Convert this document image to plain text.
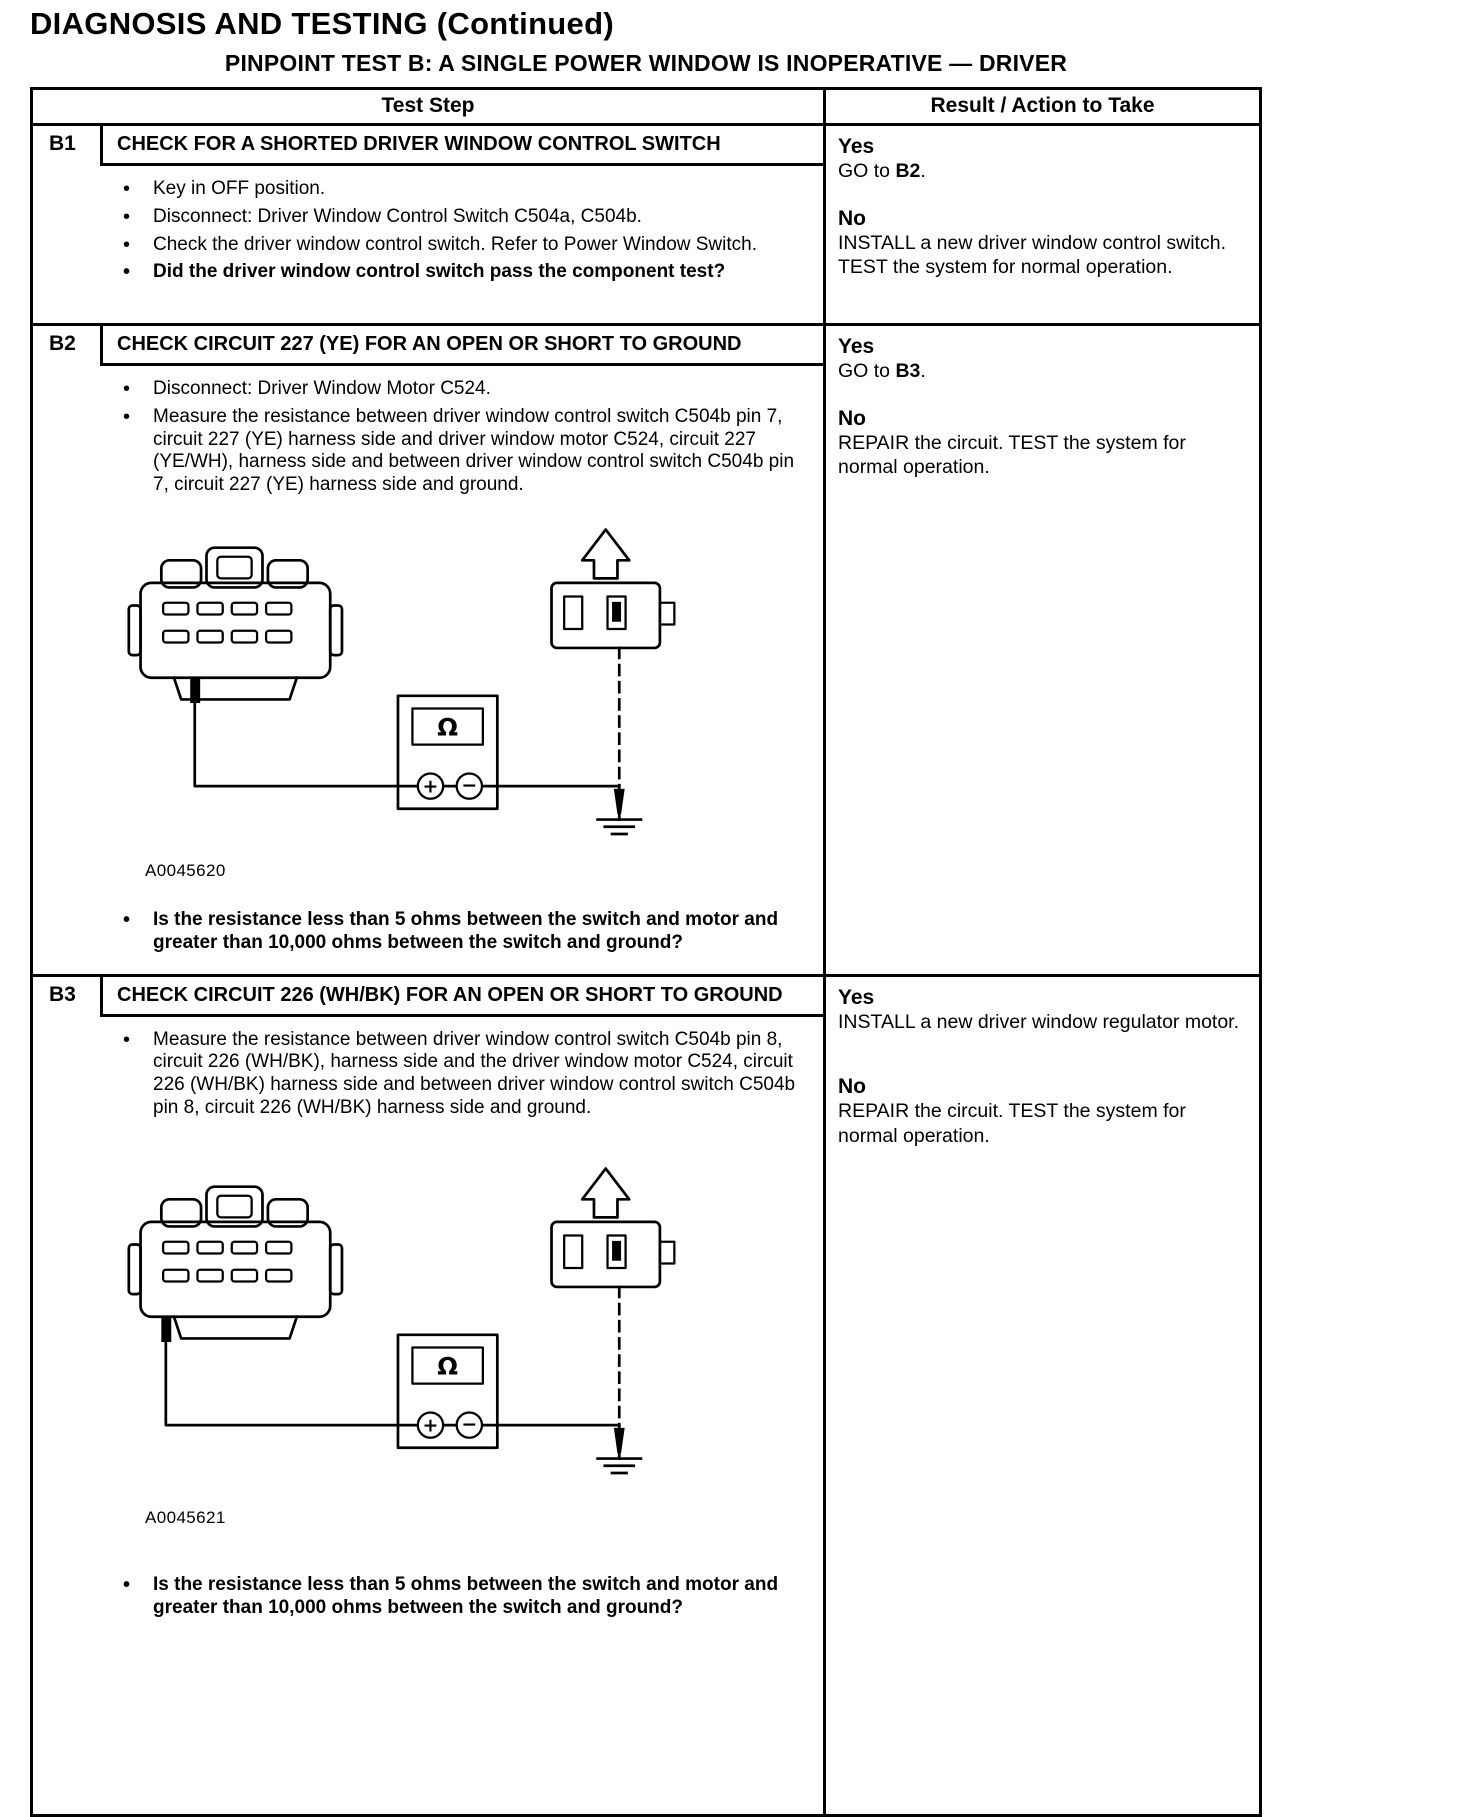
DIAGNOSIS AND TESTING (Continued)
PINPOINT TEST B: A SINGLE POWER WINDOW IS INOPERATIVE — DRIVER
Test Step	Result / Action to Take
B1	CHECK FOR A SHORTED DRIVER WINDOW CONTROL SWITCH
• Key in OFF position.
• Disconnect: Driver Window Control Switch C504a, C504b.
• Check the driver window control switch. Refer to Power Window Switch.
• Did the driver window control switch pass the component test?
Yes
GO to B2.
No
INSTALL a new driver window control switch. TEST the system for normal operation.
B2	CHECK CIRCUIT 227 (YE) FOR AN OPEN OR SHORT TO GROUND
• Disconnect: Driver Window Motor C524.
• Measure the resistance between driver window control switch C504b pin 7, circuit 227 (YE) harness side and driver window motor C524, circuit 227 (YE/WH), harness side and between driver window control switch C504b pin 7, circuit 227 (YE) harness side and ground.
Ω
+ −
A0045620
• Is the resistance less than 5 ohms between the switch and motor and greater than 10,000 ohms between the switch and ground?
Yes
GO to B3.
No
REPAIR the circuit. TEST the system for normal operation.
B3	CHECK CIRCUIT 226 (WH/BK) FOR AN OPEN OR SHORT TO GROUND
• Measure the resistance between driver window control switch C504b pin 8, circuit 226 (WH/BK), harness side and the driver window motor C524, circuit 226 (WH/BK) harness side and between driver window control switch C504b pin 8, circuit 226 (WH/BK) harness side and ground.
Ω
+ −
A0045621
• Is the resistance less than 5 ohms between the switch and motor and greater than 10,000 ohms between the switch and ground?
Yes
INSTALL a new driver window regulator motor.
No
REPAIR the circuit. TEST the system for normal operation.
